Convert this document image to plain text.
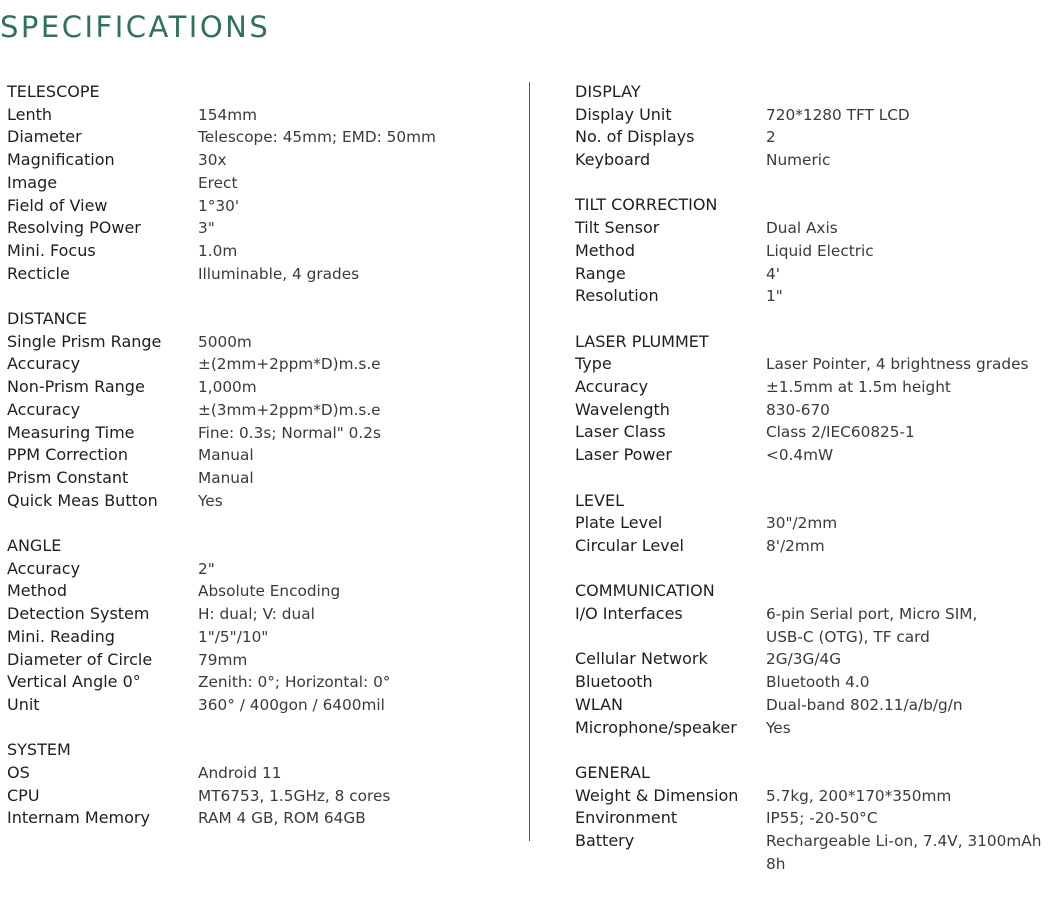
SPECIFICATIONS
TELESCOPE
Lenth	154mm
Diameter	Telescope: 45mm; EMD: 50mm
Magnification	30x
Image	Erect
Field of View	1°30'
Resolving POwer	3"
Mini. Focus	1.0m
Recticle	Illuminable, 4 grades
DISTANCE
Single Prism Range	5000m
Accuracy	±(2mm+2ppm*D)m.s.e
Non-Prism Range	1,000m
Accuracy	±(3mm+2ppm*D)m.s.e
Measuring Time	Fine: 0.3s; Normal" 0.2s
PPM Correction	Manual
Prism Constant	Manual
Quick Meas Button	Yes
ANGLE
Accuracy	2"
Method	Absolute Encoding
Detection System	H: dual; V: dual
Mini. Reading	1"/5"/10"
Diameter of Circle	79mm
Vertical Angle 0°	Zenith: 0°; Horizontal: 0°
Unit	360° / 400gon / 6400mil
SYSTEM
OS	Android 11
CPU	MT6753, 1.5GHz, 8 cores
Internam Memory	RAM 4 GB, ROM 64GB
DISPLAY
Display Unit	720*1280 TFT LCD
No. of Displays	2
Keyboard	Numeric
TILT CORRECTION
Tilt Sensor	Dual Axis
Method	Liquid Electric
Range	4'
Resolution	1"
LASER PLUMMET
Type	Laser Pointer, 4 brightness grades
Accuracy	±1.5mm at 1.5m height
Wavelength	830-670
Laser Class	Class 2/IEC60825-1
Laser Power	<0.4mW
LEVEL
Plate Level	30"/2mm
Circular Level	8'/2mm
COMMUNICATION
I/O Interfaces	6-pin Serial port, Micro SIM,
USB-C (OTG), TF card
Cellular Network	2G/3G/4G
Bluetooth	Bluetooth 4.0
WLAN	Dual-band 802.11/a/b/g/n
Microphone/speaker	Yes
GENERAL
Weight & Dimension	5.7kg, 200*170*350mm
Environment	IP55; -20-50°C
Battery	Rechargeable Li-on, 7.4V, 3100mAh
8h
